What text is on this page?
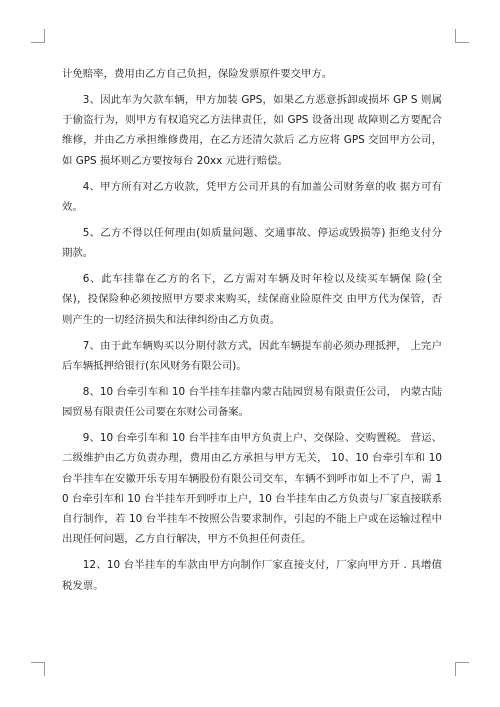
计免赔率，费用由乙方自己负担，保险发票原件要交甲方。

3、因此车为欠款车辆，甲方加装 GPS，如果乙方恶意拆卸或损坏 GP S 则属于偷盗行为，则甲方有权追究乙方法律责任，如 GPS 设备出现 故障则乙方要配合维修，并由乙方承担维修费用，在乙方还清欠款后 乙方应将 GPS 交回甲方公司，如 GPS 损坏则乙方要按每台 20xx 元进行赔偿。

4、甲方所有对乙方收款，凭甲方公司开具的有加盖公司财务章的收 据方可有效。

5、乙方不得以任何理由(如质量问题、交通事故、停运或毁损等) 拒绝支付分期款。

6、此车挂靠在乙方的名下，乙方需对车辆及时年检以及续买车辆保 险(全保)，投保险种必须按照甲方要求来购买，续保商业险原件交 由甲方代为保管，否则产生的一切经济损失和法律纠纷由乙方负责。

7、由于此车辆购买以分期付款方式，因此车辆提车前必须办理抵押， 上完户后车辆抵押给银行(东风财务有限公司)。

8、10 台牵引车和 10 台半挂车挂靠内蒙古陆园贸易有限责任公司， 内蒙古陆园贸易有限责任公司要在东财公司备案。

9、10 台牵引车和 10 台半挂车由甲方负责上户、交保险、交购置税。 营运、二级维护由乙方负责办理，费用由乙方承担与甲方无关， 10、10 台牵引车和 10 台半挂车在安徽开乐专用车辆股份有限公司交车，车辆不到呼市如上不了户，需 10 台牵引车和 10 台半挂车开到呼市上户，10 台半挂车由乙方负责与厂家直接联系自行制作，若 10 台半挂车不按照公告要求制作，引起的不能上户或在运输过程中出现任何问题，乙方自行解决，甲方不负担任何责任。

12、10 台半挂车的车款由甲方向制作厂家直接支付，厂家向甲方开 . 具增值税发票。
